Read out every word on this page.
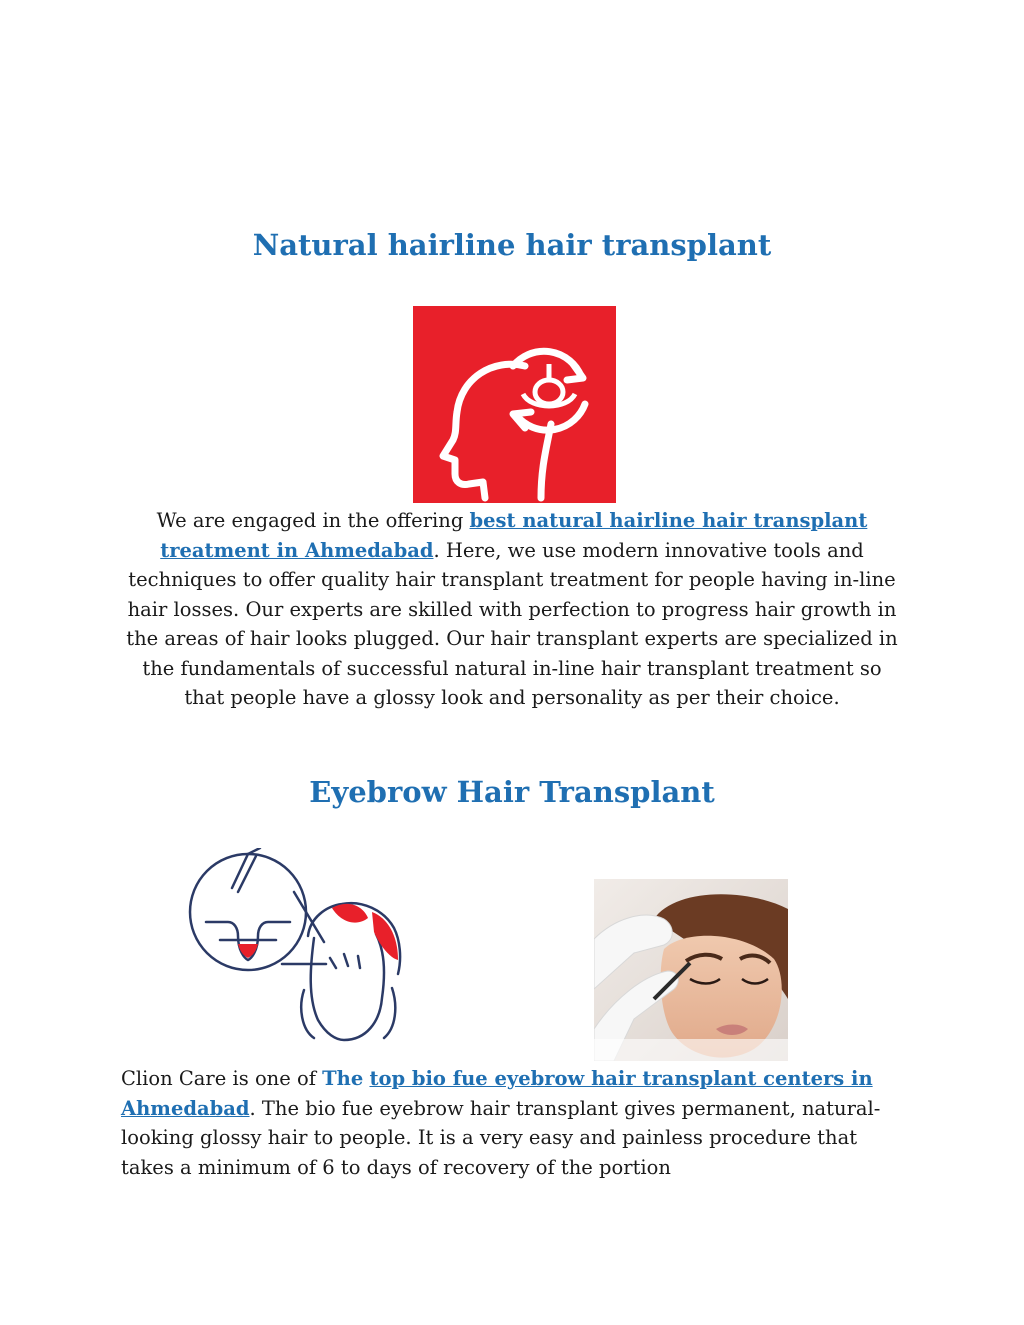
Natural hairline hair transplant

We are engaged in the offering best natural hairline hair transplant treatment in Ahmedabad. Here, we use modern innovative tools and techniques to offer quality hair transplant treatment for people having in-line hair losses. Our experts are skilled with perfection to progress hair growth in the areas of hair looks plugged. Our hair transplant experts are specialized in the fundamentals of successful natural in-line hair transplant treatment so that people have a glossy look and personality as per their choice.

Eyebrow Hair Transplant

Clion Care is one of The top bio fue eyebrow hair transplant centers in Ahmedabad. The bio fue eyebrow hair transplant gives permanent, natural-looking glossy hair to people. It is a very easy and painless procedure that takes a minimum of 6 to days of recovery of the portion
